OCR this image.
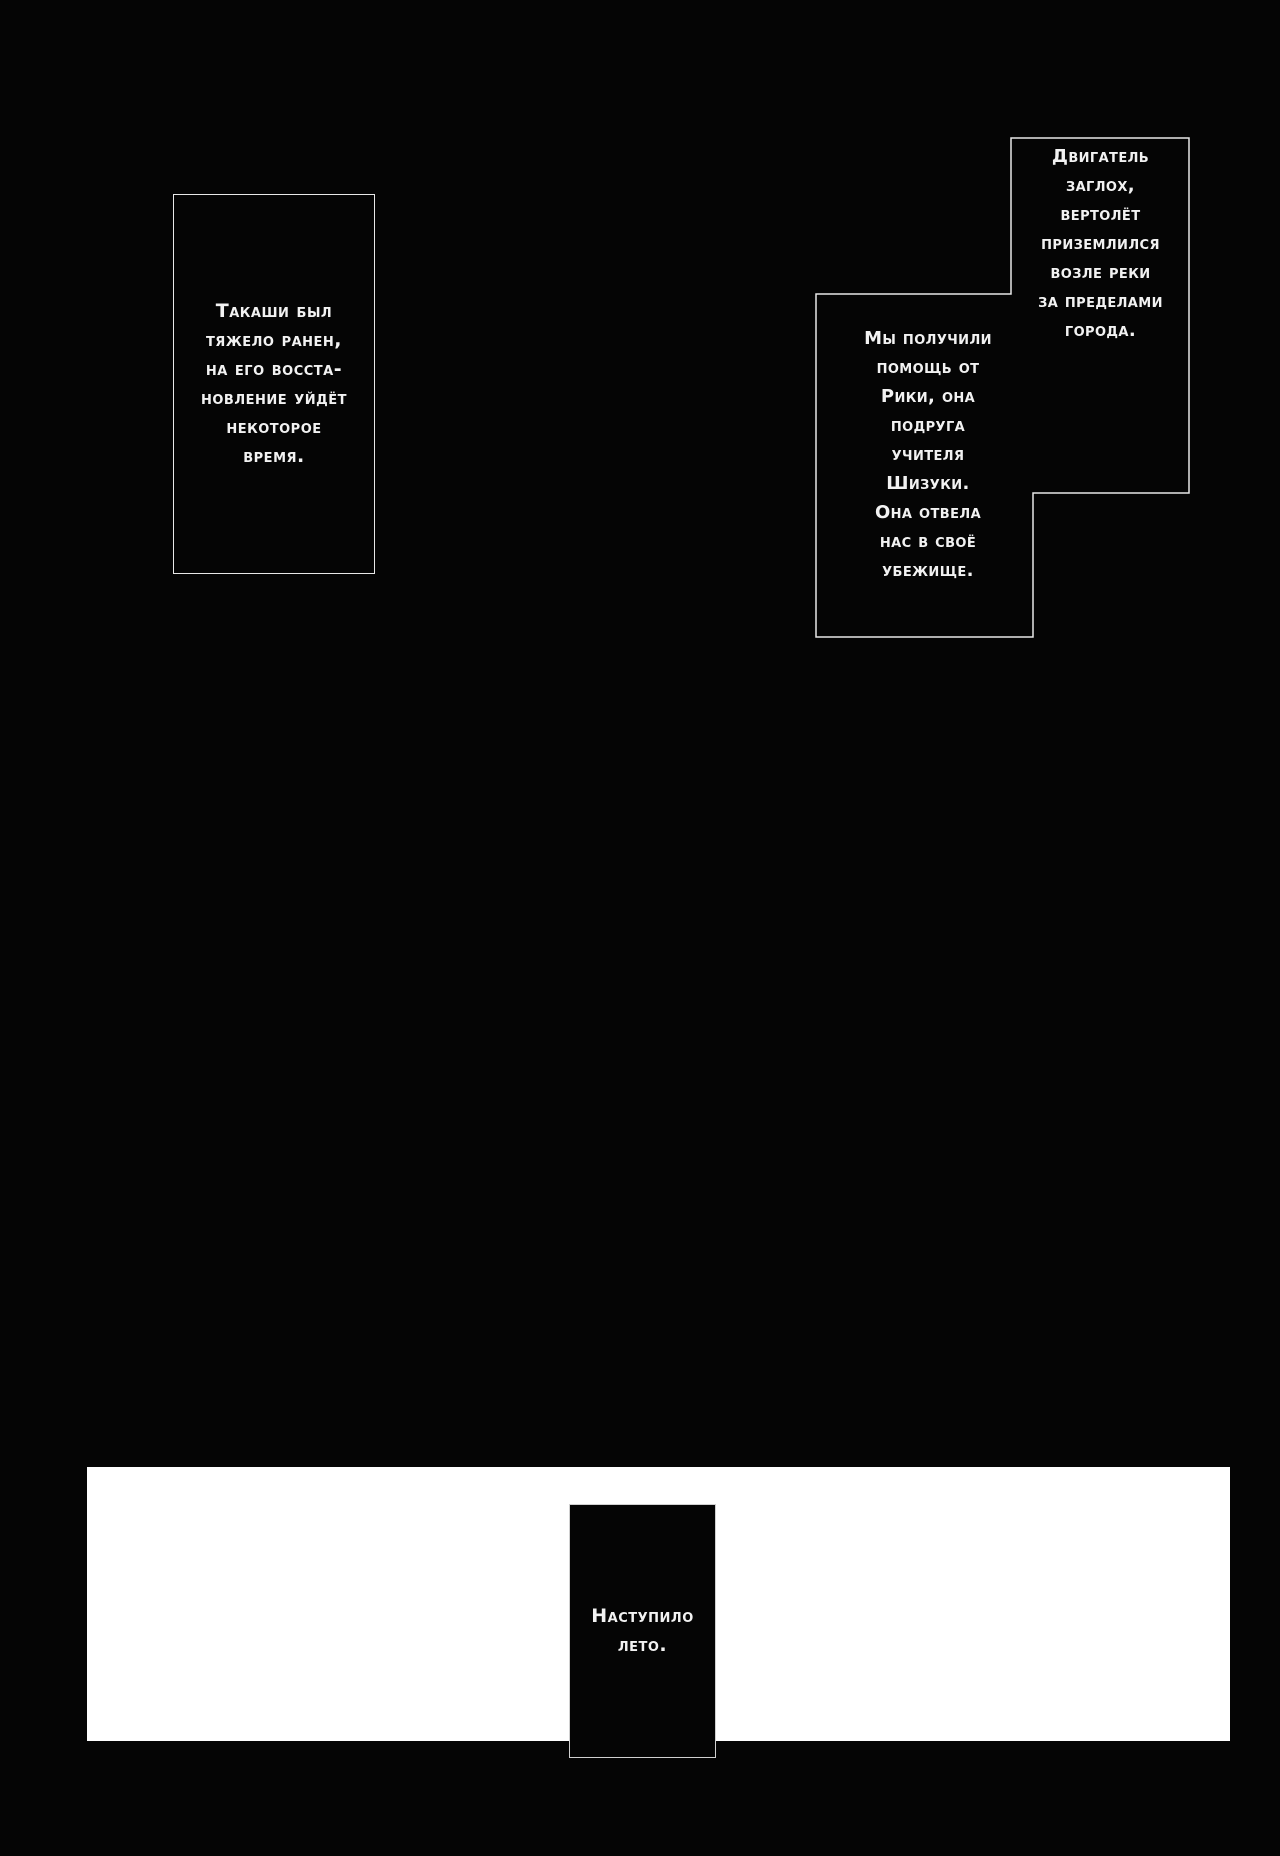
Такаши был
тяжело ранен,
на его восста-
новление уйдёт
некоторое
время.
Двигатель
заглох,
вертолёт
приземлился
возле реки
за пределами
города.
Мы получили
помощь от
Рики, она
подруга
учителя
Шизуки.
Она отвела
нас в своё
убежище.
Наступило
лето.
